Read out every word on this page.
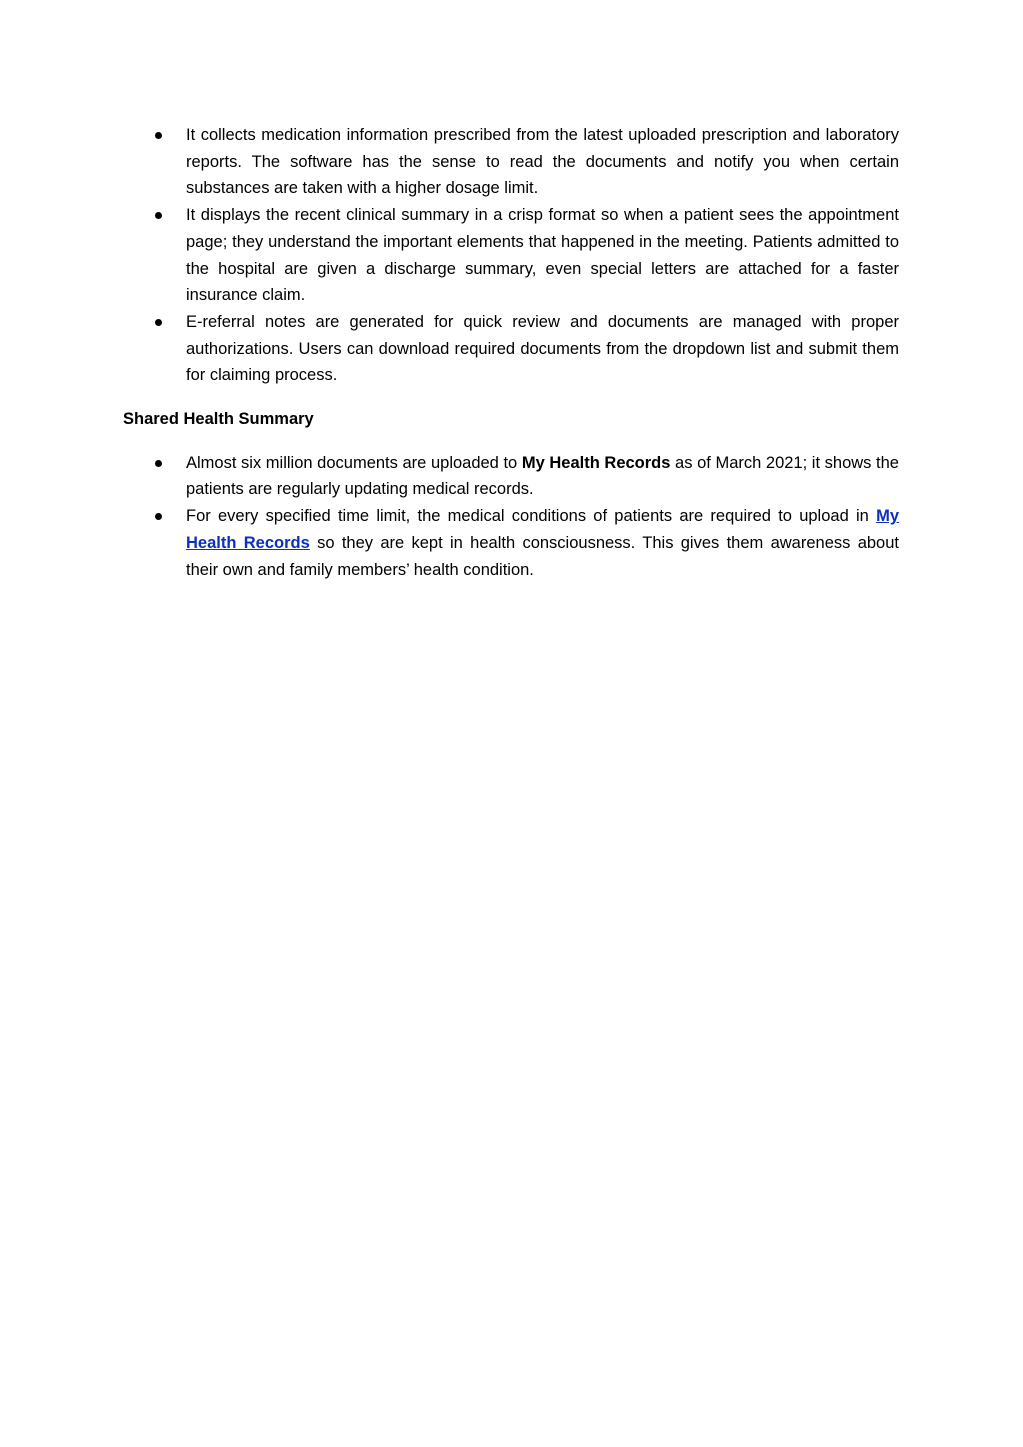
It collects medication information prescribed from the latest uploaded prescription and laboratory reports. The software has the sense to read the documents and notify you when certain substances are taken with a higher dosage limit.
It displays the recent clinical summary in a crisp format so when a patient sees the appointment page; they understand the important elements that happened in the meeting. Patients admitted to the hospital are given a discharge summary, even special letters are attached for a faster insurance claim.
E-referral notes are generated for quick review and documents are managed with proper authorizations. Users can download required documents from the dropdown list and submit them for claiming process.
Shared Health Summary
Almost six million documents are uploaded to My Health Records as of March 2021; it shows the patients are regularly updating medical records.
For every specified time limit, the medical conditions of patients are required to upload in My Health Records so they are kept in health consciousness. This gives them awareness about their own and family members’ health condition.
